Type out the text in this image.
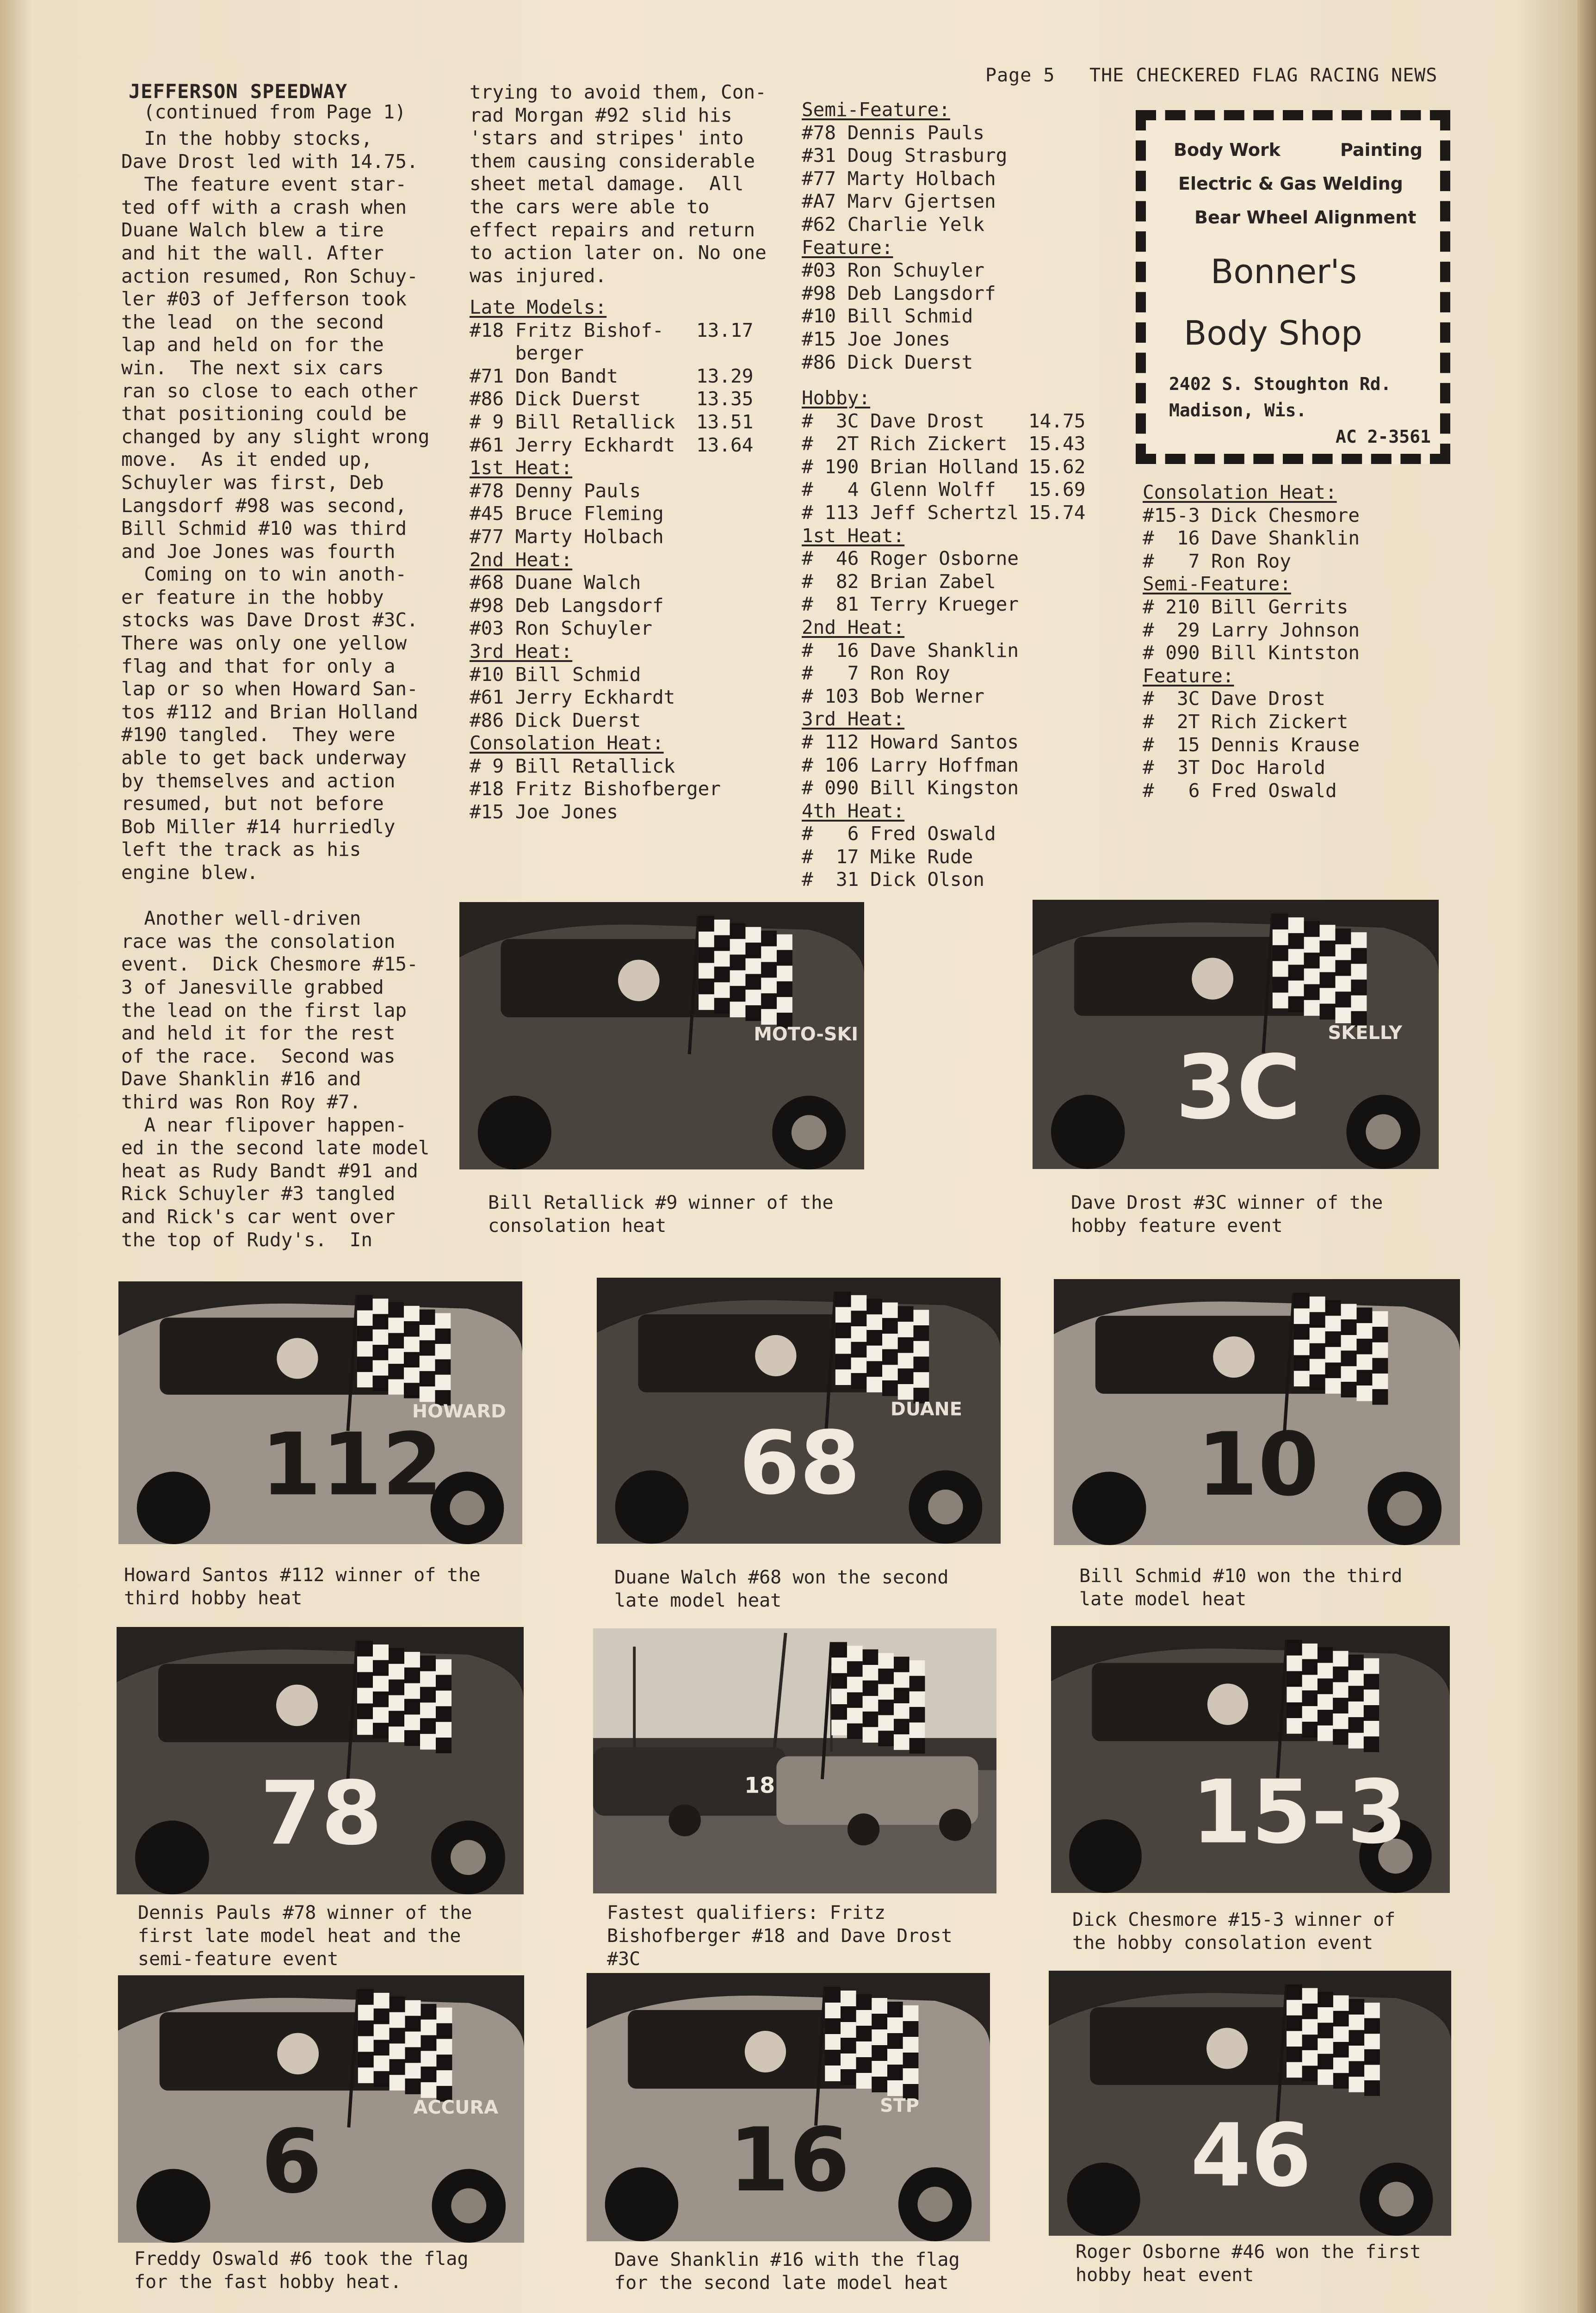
Page 5 THE CHECKERED FLAG RACING NEWS
JEFFERSON SPEEDWAY
(continued from Page 1)
In the hobby stocks,
Dave Drost led with 14.75.
The feature event star-
ted off with a crash when
Duane Walch blew a tire
and hit the wall. After
action resumed, Ron Schuy-
ler #03 of Jefferson took
the lead  on the second
lap and held on for the
win.  The next six cars
ran so close to each other
that positioning could be
changed by any slight wrong
move.  As it ended up,
Schuyler was first, Deb
Langsdorf #98 was second,
Bill Schmid #10 was third
and Joe Jones was fourth
Coming on to win anoth-
er feature in the hobby
stocks was Dave Drost #3C.
There was only one yellow
flag and that for only a
lap or so when Howard San-
tos #112 and Brian Holland
#190 tangled.  They were
able to get back underway
by themselves and action
resumed, but not before
Bob Miller #14 hurriedly
left the track as his
engine blew.
Another well-driven
race was the consolation
event.  Dick Chesmore #15-
3 of Janesville grabbed
the lead on the first lap
and held it for the rest
of the race.  Second was
Dave Shanklin #16 and
third was Ron Roy #7.
A near flipover happen-
ed in the second late model
heat as Rudy Bandt #91 and
Rick Schuyler #3 tangled
and Rick's car went over
the top of Rudy's.  In
trying to avoid them, Con-
rad Morgan #92 slid his
'stars and stripes' into
them causing considerable
sheet metal damage.  All
the cars were able to
effect repairs and return
to action later on. No one
was injured.
Late Models:
#18 Fritz Bishof- 13.17
berger
#71 Don Bandt	13.29
#86 Dick Duerst	13.35
# 9 Bill Retallick 13.51
#61 Jerry Eckhardt 13.64
1st Heat:
#78 Denny Pauls
#45 Bruce Fleming
#77 Marty Holbach
2nd Heat:
#68 Duane Walch
#98 Deb Langsdorf
#03 Ron Schuyler
3rd Heat:
#10 Bill Schmid
#61 Jerry Eckhardt
#86 Dick Duerst
Consolation Heat:
# 9 Bill Retallick
#18 Fritz Bishofberger
#15 Joe Jones
Semi-Feature:
#78 Dennis Pauls
#31 Doug Strasburg
#77 Marty Holbach
#A7 Marv Gjertsen
#62 Charlie Yelk
Feature:
#03 Ron Schuyler
#98 Deb Langsdorf
#10 Bill Schmid
#15 Joe Jones
#86 Dick Duerst
Hobby:
#  3C Dave Drost 14.75
#  2T Rich Zickert 15.43
# 190 Brian Holland 15.62
#   4 Glenn Wolff 15.69
# 113 Jeff Schertzl 15.74
1st Heat:
#  46 Roger Osborne
#  82 Brian Zabel
#  81 Terry Krueger
2nd Heat:
#  16 Dave Shanklin
#   7 Ron Roy
# 103 Bob Werner
3rd Heat:
# 112 Howard Santos
# 106 Larry Hoffman
# 090 Bill Kingston
4th Heat:
#   6 Fred Oswald
#  17 Mike Rude
#  31 Dick Olson
Consolation Heat:
#15-3 Dick Chesmore
#  16 Dave Shanklin
#   7 Ron Roy
Semi-Feature:
# 210 Bill Gerrits
#  29 Larry Johnson
# 090 Bill Kintston
Feature:
#  3C Dave Drost
#  2T Rich Zickert
#  15 Dennis Krause
#  3T Doc Harold
#   6 Fred Oswald
Body Work	Painting
Electric & Gas Welding
Bear Wheel Alignment
Bonner's
Body Shop
2402 S. Stoughton Rd.
Madison, Wis.
AC 2-3561
MOTO-SKI
Bill Retallick #9 winner of the
consolation heat
3C
SKELLY
Dave Drost #3C winner of the
hobby feature event
112
HOWARD
Howard Santos #112 winner of the
third hobby heat
68
DUANE
Duane Walch #68 won the second
late model heat
10
Bill Schmid #10 won the third
late model heat
78
Dennis Pauls #78 winner of the
first late model heat and the
semi-feature event
18
Fastest qualifiers: Fritz
Bishofberger #18 and Dave Drost
#3C
15-3
Dick Chesmore #15-3 winner of
the hobby consolation event
6
ACCURA
Freddy Oswald #6 took the flag
for the fast hobby heat.
16
STP
Dave Shanklin #16 with the flag
for the second late model heat
46
Roger Osborne #46 won the first
hobby heat event
